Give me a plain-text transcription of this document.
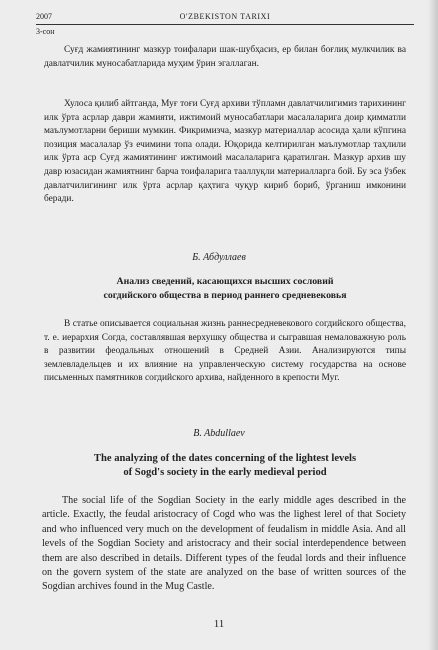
2007	O'ZBEKISTON TARIXI
3-сон

Суғд жамиятининг мазкур тоифалари шак-шубҳасиз, ер билан боғлиқ мулкчилик ва давлатчилик муносабатларида муҳим ўрин эгаллаган.

Хулоса қилиб айтганда, Муғ тоғи Суғд архиви тўпламн давлатчилигимиз тарихининг илк ўрта асрлар даври жамияти, ижтимоий муносабатлари масалаларига доир қимматли маълумотларни бериши мумкин. Фикримизча, мазкур материаллар асосида ҳали кўпгина позиция масалалар ўз ечимини топа олади. Юқорида келтирилган маълумотлар таҳлили илк ўрта аср Суғд жамиятининг ижтимоий масалаларига қаратилган. Мазкур архив шу давр юзасидан жамиятнинг барча тоифаларига тааллуқли материалларга бой. Бу эса ўзбек давлатчилигининг илк ўрта асрлар қаҳтига чуқур кириб бориб, ўрганиш имконини беради.

Б. Абдуллаев
Анализ сведений, касающихся высших сословий
согдийского общества в период раннего средневековья

В статье описывается социальная жизнь раннесредневекового согдийского общества, т. е. иерархия Согда, составлявшая верхушку общества и сыгравшая немаловажную роль в развитии феодальных отношений в Средней Азии. Анализируются типы землевладельцев и их влияние на управленческую систему государства на основе письменных памятников согдийского архива, найденного в крепости Муг.

B. Abdullaev
The analyzing of the dates concerning of the lightest levels
of Sogd's society in the early medieval period

The social life of the Sogdian Society in the early middle ages described in the article. Exactly, the feudal aristocracy of Cogd who was the lighest lerel of that Society and who influenced very much on the development of feudalism in middle Asia. And all levels of the Sogdian Society and aristocracy and their social interdependence between them are also described in details. Different types of the feudal lords and their influence on the govern system of the state are analyzed on the base of written sources of the Sogdian archives found in the Mug Castle.

11
